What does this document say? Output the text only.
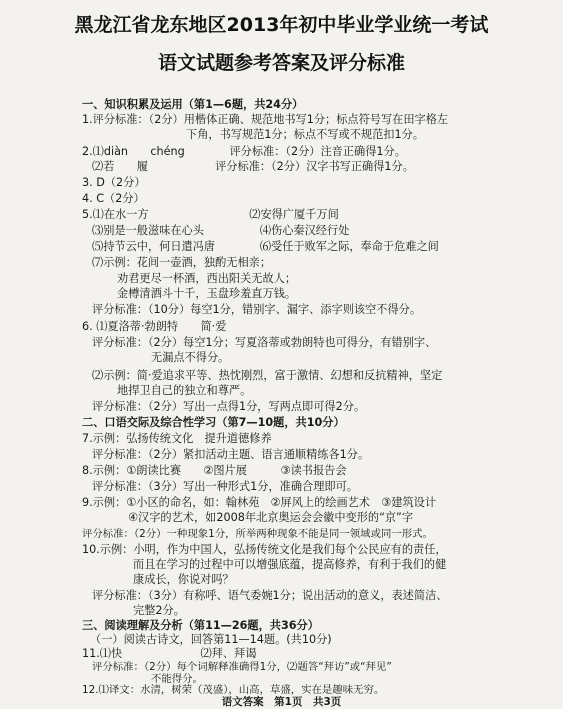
黑龙江省龙东地区2013年初中毕业学业统一考试
语文试题参考答案及评分标准
一、知识积累及运用（第1—6题，共24分）
1.评分标准：（2分）用楷体正确、规范地书写1分；标点符号写在田字格左
下角，书写规范1分；标点不写或不规范扣1分。
2.⑴diàn　　chéng　　　　评分标准：（2分）注音正确得1分。
⑵若　　履　　　　　　评分标准：（2分）汉字书写正确得1分。
3. D（2分）
4. C（2分）
5.⑴在水一方　　　　　　　　　⑵安得广厦千万间
⑶别是一般滋味在心头　　　　　⑷伤心秦汉经行处
⑸持节云中，何日遣冯唐　　　　⑹受任于败军之际，奉命于危难之间
⑺示例：花间一壶酒，独酌无相亲；
劝君更尽一杯酒，西出阳关无故人；
金樽清酒斗十千，玉盘珍羞直万钱。
评分标准：（10分）每空1分，错别字、漏字、添字则该空不得分。
6. ⑴夏洛蒂·勃朗特　　简·爱
评分标准：（2分）每空1分；写夏洛蒂或勃朗特也可得分，有错别字、
无漏点不得分。
⑵示例：简·爱追求平等、热忱刚烈，富于激情、幻想和反抗精神，坚定
地捍卫自己的独立和尊严。
评分标准：（2分）写出一点得1分，写两点即可得2分。
二、口语交际及综合性学习（第7—10题，共10分）
7.示例：弘扬传统文化　提升道德修养
评分标准：（2分）紧扣活动主题、语言通顺精练各1分。
8.示例：①朗读比赛　　②图片展　　　③读书报告会
评分标准：（3分）写出一种形式1分，准确合理即可。
9.示例：①小区的命名，如：翰林苑　②屏风上的绘画艺术　③建筑设计
④汉字的艺术，如2008年北京奥运会会徽中变形的“京”字
评分标准：（2分）一种现象1分，所举两种现象不能是同一领域或同一形式。
10.示例：小明，作为中国人，弘扬传统文化是我们每个公民应有的责任，
而且在学习的过程中可以增强底蕴，提高修养，有利于我们的健
康成长，你说对吗？
评分标准：（3分）有称呼、语气委婉1分；说出活动的意义，表述简洁、
完整2分。
语文答案　第1页　共3页
三、阅读理解及分析（第11—26题，共36分）
（一）阅读古诗文，回答第11—14题。(共10分)
11.⑴快　　　　　　　⑵拜、拜谒
评分标准：（2分）每个词解释准确得1分，⑵题答“拜访”或“拜见”
不能得分。
12.⑴译文：水清，树荣（茂盛），山高，草盛，实在是趣味无穷。
